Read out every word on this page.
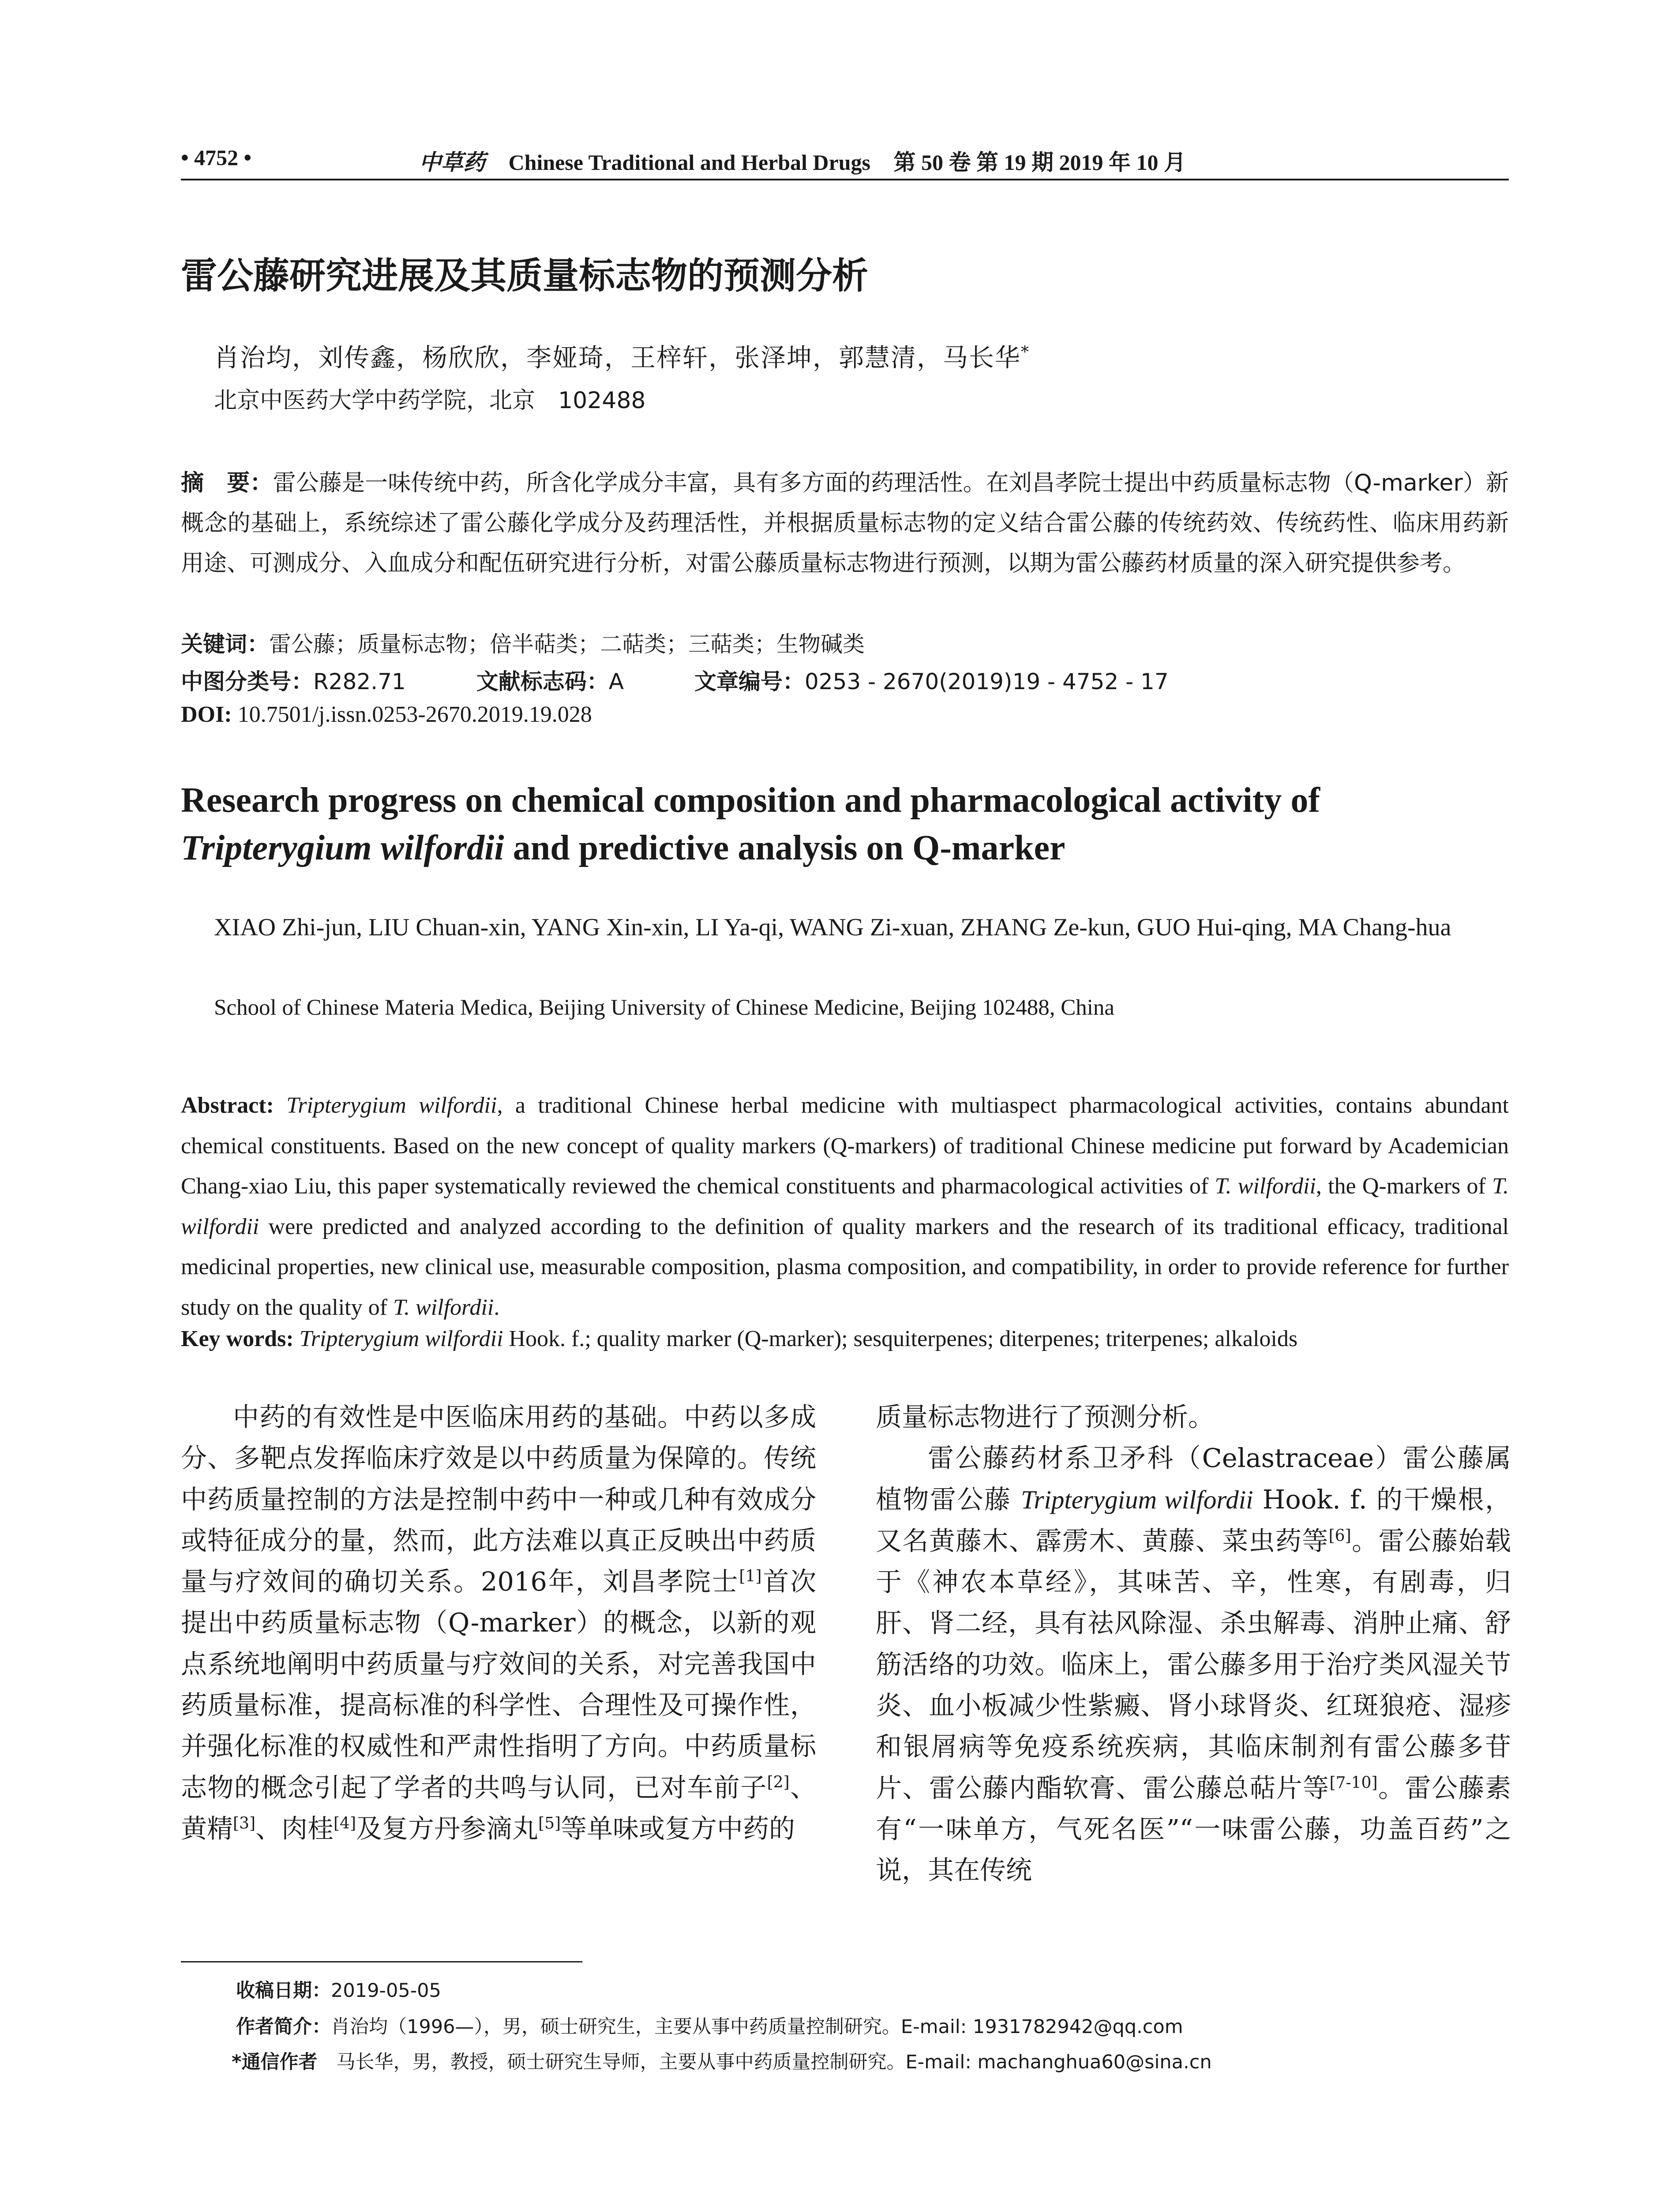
• 4752 •	中草药 Chinese Traditional and Herbal Drugs 第 50 卷 第 19 期 2019 年 10 月
雷公藤研究进展及其质量标志物的预测分析
肖治均，刘传鑫，杨欣欣，李娅琦，王梓轩，张泽坤，郭慧清，马长华*
北京中医药大学中药学院，北京　102488
摘　要：雷公藤是一味传统中药，所含化学成分丰富，具有多方面的药理活性。在刘昌孝院士提出中药质量标志物（Q-marker）新概念的基础上，系统综述了雷公藤化学成分及药理活性，并根据质量标志物的定义结合雷公藤的传统药效、传统药性、临床用药新用途、可测成分、入血成分和配伍研究进行分析，对雷公藤质量标志物进行预测，以期为雷公藤药材质量的深入研究提供参考。
关键词：雷公藤；质量标志物；倍半萜类；二萜类；三萜类；生物碱类
中图分类号：R282.71	文献标志码：A	文章编号：0253 - 2670(2019)19 - 4752 - 17
DOI: 10.7501/j.issn.0253-2670.2019.19.028
Research progress on chemical composition and pharmacological activity of
Tripterygium wilfordii and predictive analysis on Q-marker
XIAO Zhi-jun, LIU Chuan-xin, YANG Xin-xin, LI Ya-qi, WANG Zi-xuan, ZHANG Ze-kun, GUO Hui-qing, MA Chang-hua
School of Chinese Materia Medica, Beijing University of Chinese Medicine, Beijing 102488, China
Abstract: Tripterygium wilfordii, a traditional Chinese herbal medicine with multiaspect pharmacological activities, contains abundant chemical constituents. Based on the new concept of quality markers (Q-markers) of traditional Chinese medicine put forward by Academician Chang-xiao Liu, this paper systematically reviewed the chemical constituents and pharmacological activities of T. wilfordii, the Q-markers of T. wilfordii were predicted and analyzed according to the definition of quality markers and the research of its traditional efficacy, traditional medicinal properties, new clinical use, measurable composition, plasma composition, and compatibility, in order to provide reference for further study on the quality of T. wilfordii.
Key words: Tripterygium wilfordii Hook. f.; quality marker (Q-marker); sesquiterpenes; diterpenes; triterpenes; alkaloids

中药的有效性是中医临床用药的基础。中药以多成分、多靶点发挥临床疗效是以中药质量为保障的。传统中药质量控制的方法是控制中药中一种或几种有效成分或特征成分的量，然而，此方法难以真正反映出中药质量与疗效间的确切关系。2016年，刘昌孝院士[1]首次提出中药质量标志物（Q-marker）的概念，以新的观点系统地阐明中药质量与疗效间的关系，对完善我国中药质量标准，提高标准的科学性、合理性及可操作性，并强化标准的权威性和严肃性指明了方向。中药质量标志物的概念引起了学者的共鸣与认同，已对车前子[2]、黄精[3]、肉桂[4]及复方丹参滴丸[5]等单味或复方中药的

质量标志物进行了预测分析。

雷公藤药材系卫矛科（Celastraceae）雷公藤属植物雷公藤 Tripterygium wilfordii Hook. f. 的干燥根，又名黄藤木、霹雳木、黄藤、菜虫药等[6]。雷公藤始载于《神农本草经》，其味苦、辛，性寒，有剧毒，归肝、肾二经，具有祛风除湿、杀虫解毒、消肿止痛、舒筋活络的功效。临床上，雷公藤多用于治疗类风湿关节炎、血小板减少性紫癜、肾小球肾炎、红斑狼疮、湿疹和银屑病等免疫系统疾病，其临床制剂有雷公藤多苷片、雷公藤内酯软膏、雷公藤总萜片等[7-10]。雷公藤素有“一味单方，气死名医”“一味雷公藤，功盖百药”之说，其在传统

收稿日期：2019-05-05
作者简介：肖治均（1996—），男，硕士研究生，主要从事中药质量控制研究。E-mail: 1931782942@qq.com
*通信作者　 马长华，男，教授，硕士研究生导师，主要从事中药质量控制研究。E-mail: machanghua60@sina.cn
